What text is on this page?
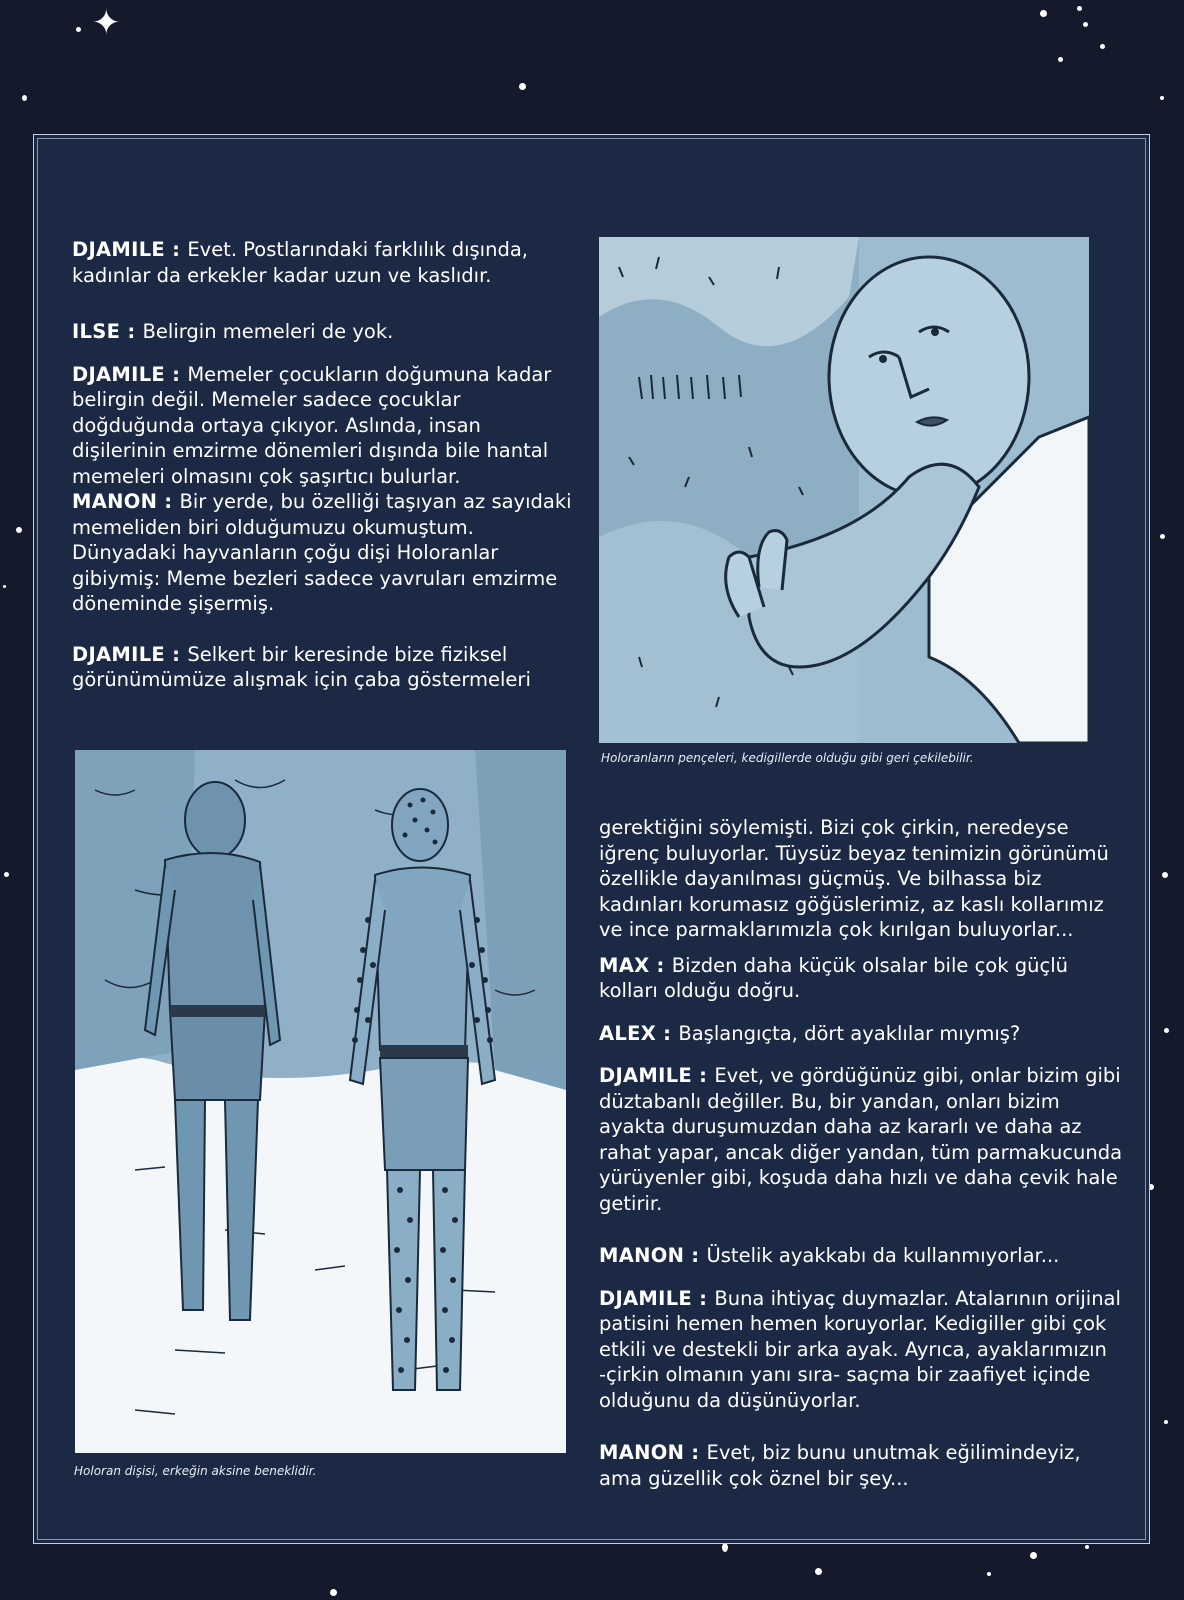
✦

DJAMILE : Evet. Postlarındaki farklılık dışında, kadınlar da erkekler kadar uzun ve kaslıdır.

ILSE : Belirgin memeleri de yok.

DJAMILE : Memeler çocukların doğumuna kadar belirgin değil. Memeler sadece çocuklar doğduğunda ortaya çıkıyor. Aslında, insan dişilerinin emzirme dönemleri dışında bile hantal memeleri olmasını çok şaşırtıcı bulurlar.

MANON : Bir yerde, bu özelliği taşıyan az sayıdaki memeliden biri olduğumuzu okumuştum. Dünyadaki hayvanların çoğu dişi Holoranlar gibiymiş: Meme bezleri sadece yavruları emzirme döneminde şişermiş.

DJAMILE : Selkert bir keresinde bize fiziksel görünümümüze alışmak için çaba göstermeleri

Holoranların pençeleri, kedigillerde olduğu gibi geri çekilebilir.
Holoran dişisi, erkeğin aksine beneklidir.

gerektiğini söylemişti. Bizi çok çirkin, neredeyse iğrenç buluyorlar. Tüysüz beyaz tenimizin görünümü özellikle dayanılması güçmüş. Ve bilhassa biz kadınları korumasız göğüslerimiz, az kaslı kollarımız ve ince parmaklarımızla çok kırılgan buluyorlar...

MAX : Bizden daha küçük olsalar bile çok güçlü kolları olduğu doğru.

ALEX : Başlangıçta, dört ayaklılar mıymış?

DJAMILE : Evet, ve gördüğünüz gibi, onlar bizim gibi düztabanlı değiller. Bu, bir yandan, onları bizim ayakta duruşumuzdan daha az kararlı ve daha az rahat yapar, ancak diğer yandan, tüm parmakucunda yürüyenler gibi, koşuda daha hızlı ve daha çevik hale getirir.

MANON : Üstelik ayakkabı da kullanmıyorlar...

DJAMILE : Buna ihtiyaç duymazlar. Atalarının orijinal patisini hemen hemen koruyorlar. Kedigiller gibi çok etkili ve destekli bir arka ayak. Ayrıca, ayaklarımızın -çirkin olmanın yanı sıra- saçma bir zaafiyet içinde olduğunu da düşünüyorlar.

MANON : Evet, biz bunu unutmak eğilimindeyiz, ama güzellik çok öznel bir şey...
